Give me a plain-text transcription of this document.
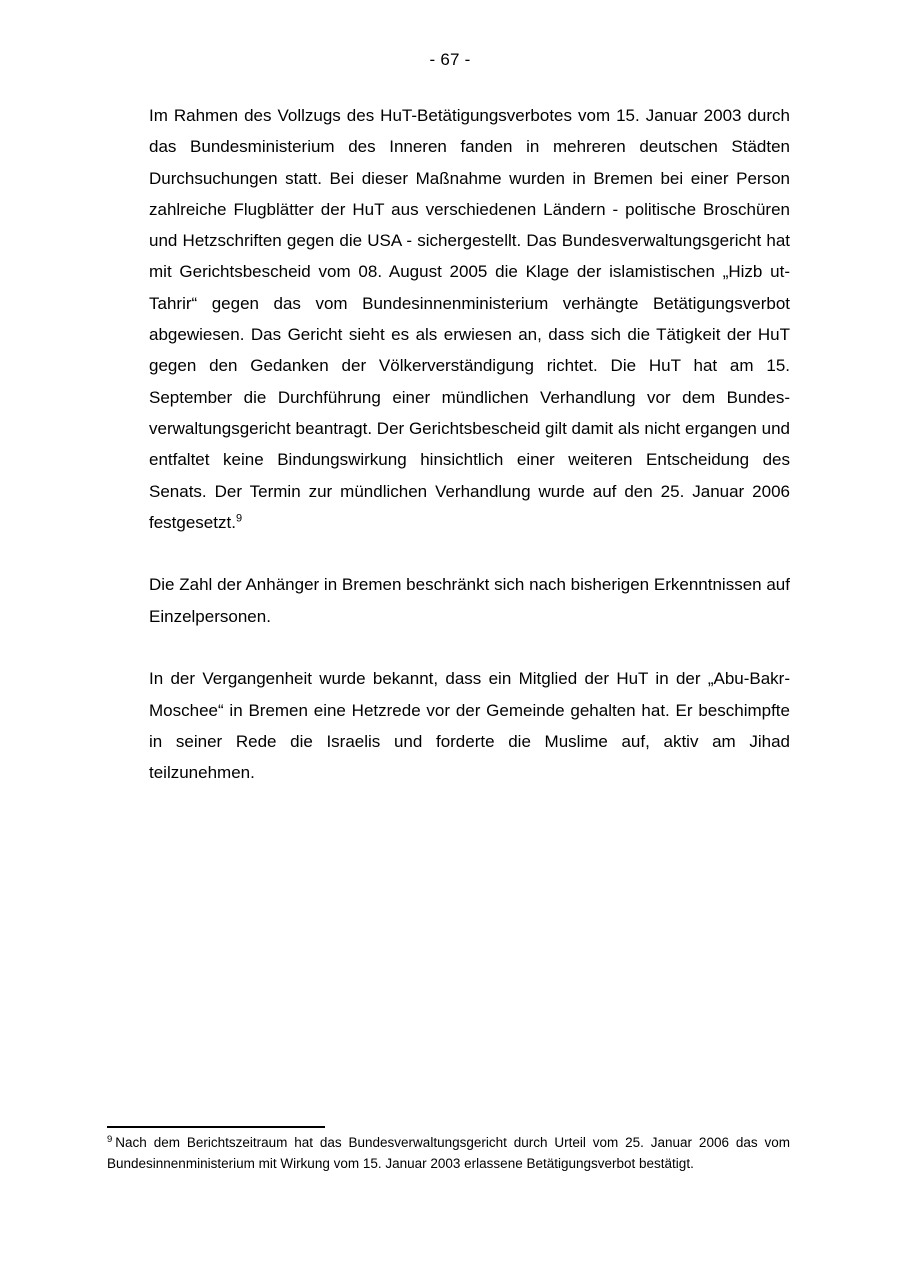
- 67 -

Im Rahmen des Vollzugs des HuT-Betätigungsverbotes vom 15. Januar 2003 durch das Bundesministerium des Inneren fanden in mehreren deutschen Städten Durchsuchungen statt. Bei dieser Maßnahme wurden in Bremen bei einer Person zahlreiche Flugblätter der HuT aus verschiedenen Ländern - politische Broschüren und Hetzschriften gegen die USA - sichergestellt. Das Bundesverwaltungsgericht hat mit Gerichtsbescheid vom 08. August 2005 die Klage der islamistischen „Hizb ut-Tahrir“ gegen das vom Bundesinnenministerium verhängte Betätigungsverbot abgewiesen. Das Gericht sieht es als erwiesen an, dass sich die Tätigkeit der HuT gegen den Gedanken der Völkerverständigung richtet. Die HuT hat am 15. September die Durchführung einer mündlichen Verhandlung vor dem Bundes-verwaltungsgericht beantragt. Der Gerichtsbescheid gilt damit als nicht ergangen und entfaltet keine Bindungswirkung hinsichtlich einer weiteren Entscheidung des Senats. Der Termin zur mündlichen Verhandlung wurde auf den 25. Januar 2006 festgesetzt.$^9$

Die Zahl der Anhänger in Bremen beschränkt sich nach bisherigen Erkenntnissen auf Einzelpersonen.

In der Vergangenheit wurde bekannt, dass ein Mitglied der HuT in der „Abu-Bakr-Moschee“ in Bremen eine Hetzrede vor der Gemeinde gehalten hat. Er beschimpfte in seiner Rede die Israelis und forderte die Muslime auf, aktiv am Jihad teilzunehmen.

$^9$ Nach dem Berichtszeitraum hat das Bundesverwaltungsgericht durch Urteil vom 25. Januar 2006 das vom Bundesinnenministerium mit Wirkung vom 15. Januar 2003 erlassene Betätigungsverbot bestätigt.
